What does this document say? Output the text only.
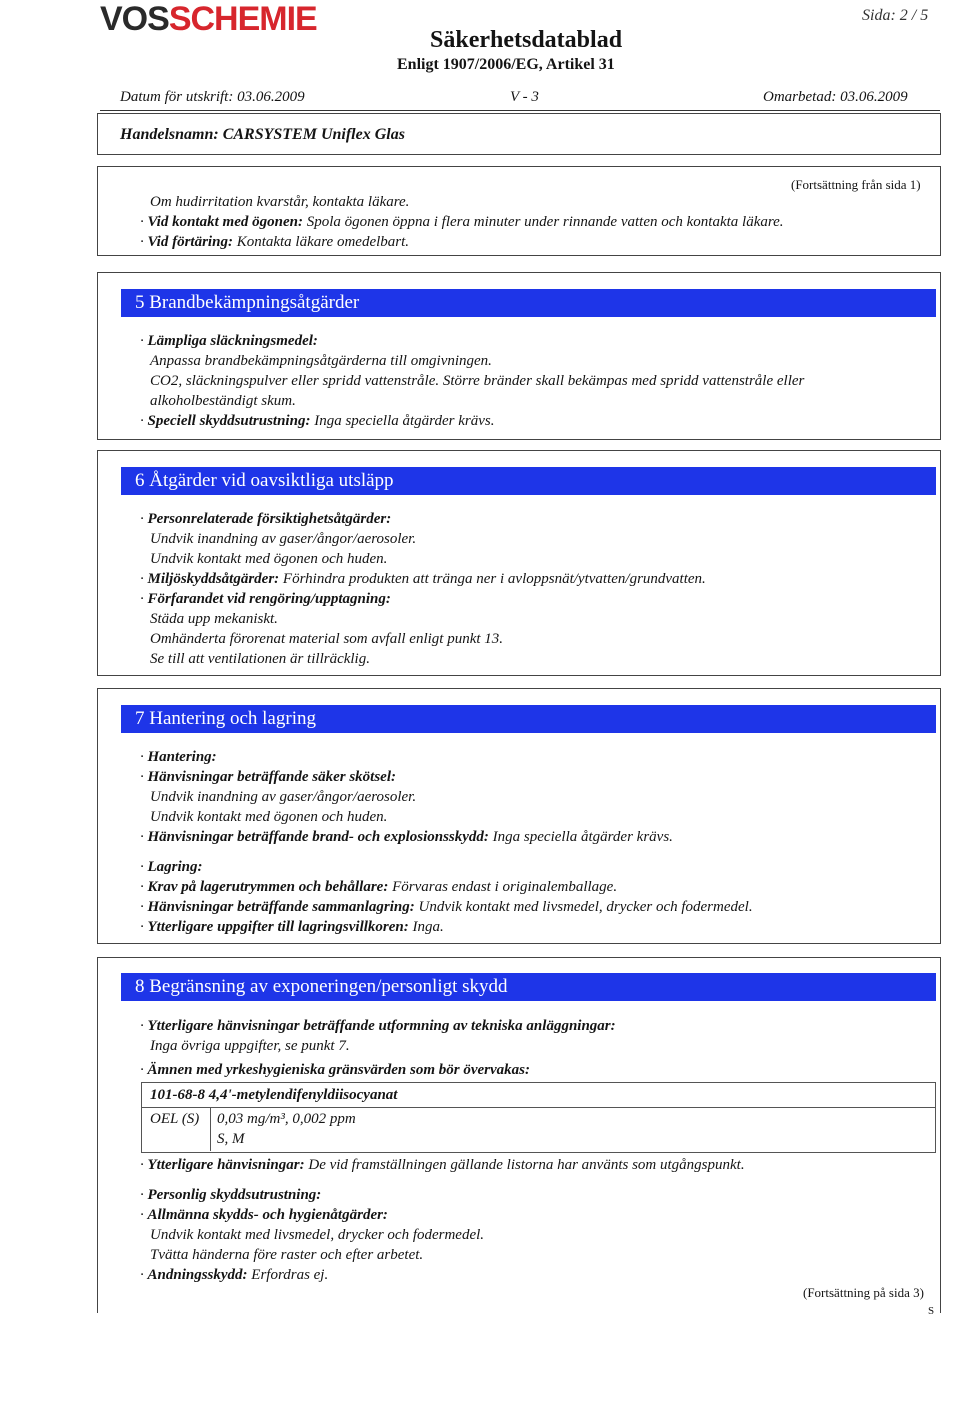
VOSSCHEMIE	Sida: 2 / 5
Säkerhetsdatablad
Enligt 1907/2006/EG, Artikel 31
Datum för utskrift: 03.06.2009	V - 3	Omarbetad: 03.06.2009
Handelsnamn: CARSYSTEM Uniflex Glas
(Fortsättning från sida 1)
Om hudirritation kvarstår, kontakta läkare.
· Vid kontakt med ögonen: Spola ögonen öppna i flera minuter under rinnande vatten och kontakta läkare.
· Vid förtäring: Kontakta läkare omedelbart.
5 Brandbekämpningsåtgärder
· Lämpliga släckningsmedel:
Anpassa brandbekämpningsåtgärderna till omgivningen.
CO2, släckningspulver eller spridd vattenstråle. Större bränder skall bekämpas med spridd vattenstråle eller
alkoholbeständigt skum.
· Speciell skyddsutrustning: Inga speciella åtgärder krävs.
6 Åtgärder vid oavsiktliga utsläpp
· Personrelaterade försiktighetsåtgärder:
Undvik inandning av gaser/ångor/aerosoler.
Undvik kontakt med ögonen och huden.
· Miljöskyddsåtgärder: Förhindra produkten att tränga ner i avloppsnät/ytvatten/grundvatten.
· Förfarandet vid rengöring/upptagning:
Städa upp mekaniskt.
Omhänderta förorenat material som avfall enligt punkt 13.
Se till att ventilationen är tillräcklig.
7 Hantering och lagring
· Hantering:
· Hänvisningar beträffande säker skötsel:
Undvik inandning av gaser/ångor/aerosoler.
Undvik kontakt med ögonen och huden.
· Hänvisningar beträffande brand- och explosionsskydd: Inga speciella åtgärder krävs.
· Lagring:
· Krav på lagerutrymmen och behållare: Förvaras endast i originalemballage.
· Hänvisningar beträffande sammanlagring: Undvik kontakt med livsmedel, drycker och fodermedel.
· Ytterligare uppgifter till lagringsvillkoren: Inga.
8 Begränsning av exponeringen/personligt skydd
· Ytterligare hänvisningar beträffande utformning av tekniska anläggningar:
Inga övriga uppgifter, se punkt 7.
· Ämnen med yrkeshygieniska gränsvärden som bör övervakas:
101-68-8 4,4'-metylendifenyldiisocyanat
OEL (S) 0,03 mg/m³, 0,002 ppm
S, M
· Ytterligare hänvisningar: De vid framställningen gällande listorna har använts som utgångspunkt.
· Personlig skyddsutrustning:
· Allmänna skydds- och hygienåtgärder:
Undvik kontakt med livsmedel, drycker och fodermedel.
Tvätta händerna före raster och efter arbetet.
· Andningsskydd: Erfordras ej.
(Fortsättning på sida 3)
S
